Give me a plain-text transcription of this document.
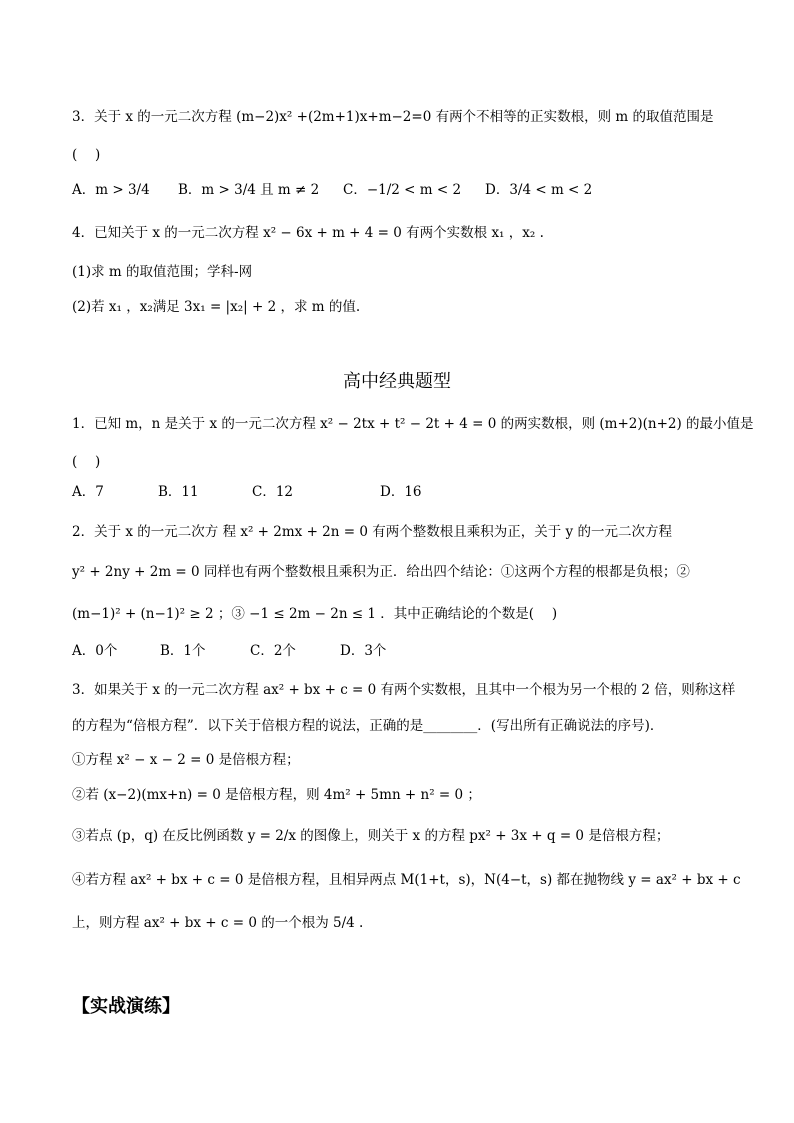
3．关于 x 的一元二次方程 (m−2)x² +(2m+1)x+m−2=0 有两个不相等的正实数根，则 m 的取值范围是
(　 )
A．m > 3/4 B．m > 3/4 且 m ≠ 2 C．−1/2 < m < 2 D．3/4 < m < 2
4．已知关于 x 的一元二次方程 x² − 6x + m + 4 = 0 有两个实数根 x₁ ，x₂ .
(1)求 m 的取值范围；学科-网
(2)若 x₁ ，x₂满足 3x₁ = |x₂| + 2 ，求 m 的值.
高中经典题型
1．已知 m，n 是关于 x 的一元二次方程 x² − 2tx + t² − 2t + 4 = 0 的两实数根，则 (m+2)(n+2) 的最小值是
(　 )
A．7	B．11	C．12	D．16
2．关于 x 的一元二次方 程 x² + 2mx + 2n = 0 有两个整数根且乘积为正，关于 y 的一元二次方程
y² + 2ny + 2m = 0 同样也有两个整数根且乘积为正．给出四个结论：①这两个方程的根都是负根；②
(m−1)² + (n−1)² ≥ 2 ；③ −1 ≤ 2m − 2n ≤ 1 ．其中正确结论的个数是(　 )
A．0个	B．1个	C．2个	D．3个
3．如果关于 x 的一元二次方程 ax² + bx + c = 0 有两个实数根，且其中一个根为另一个根的 2 倍，则称这样
的方程为“倍根方程”．以下关于倍根方程的说法，正确的是________．(写出所有正确说法的序号)．
①方程 x² − x − 2 = 0 是倍根方程；
②若 (x−2)(mx+n) = 0 是倍根方程，则 4m² + 5mn + n² = 0 ；
③若点 (p，q) 在反比例函数 y = 2/x 的图像上，则关于 x 的方程 px² + 3x + q = 0 是倍根方程；
④若方程 ax² + bx + c = 0 是倍根方程，且相异两点 M(1+t，s)，N(4−t，s) 都在抛物线 y = ax² + bx + c
上，则方程 ax² + bx + c = 0 的一个根为 5/4 .
【实战演练】
